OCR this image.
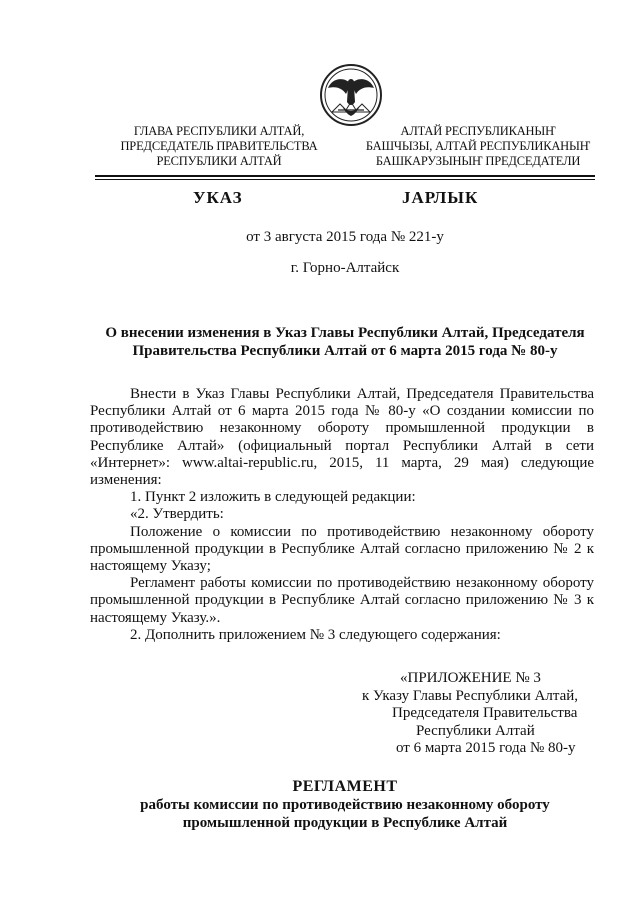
ГЛАВА РЕСПУБЛИКИ АЛТАЙ,
ПРЕДСЕДАТЕЛЬ ПРАВИТЕЛЬСТВА
РЕСПУБЛИКИ АЛТАЙ
АЛТАЙ РЕСПУБЛИКАНЫҤ
БАШЧЫЗЫ, АЛТАЙ РЕСПУБЛИКАНЫҤ
БАШКАРУЗЫНЫҤ ПРЕДСЕДАТЕЛИ
УКАЗ	JАРЛЫК
от 3 августа 2015 года № 221-у
г. Горно-Алтайск
О внесении изменения в Указ Главы Республики Алтай, Председателя
Правительства Республики Алтай от 6 марта 2015 года № 80-у
Внести в Указ Главы Республики Алтай, Председателя Правительства
Республики Алтай от 6 марта 2015 года № 80-у «О создании комиссии по
противодействию незаконному обороту промышленной продукции в
Республике Алтай» (официальный портал Республики Алтай в сети
«Интернет»: www.altai-republic.ru, 2015, 11 марта, 29 мая) следующие
изменения:
1. Пункт 2 изложить в следующей редакции:
«2. Утвердить:
Положение о комиссии по противодействию незаконному обороту
промышленной продукции в Республике Алтай согласно приложению № 2 к
настоящему Указу;
Регламент работы комиссии по противодействию незаконному обороту
промышленной продукции в Республике Алтай согласно приложению № 3 к
настоящему Указу.».
2. Дополнить приложением № 3 следующего содержания:
«ПРИЛОЖЕНИЕ № 3
к Указу Главы Республики Алтай,
Председателя Правительства
Республики Алтай
от 6 марта 2015 года № 80-у
РЕГЛАМЕНТ
работы комиссии по противодействию незаконному обороту
промышленной продукции в Республике Алтай
